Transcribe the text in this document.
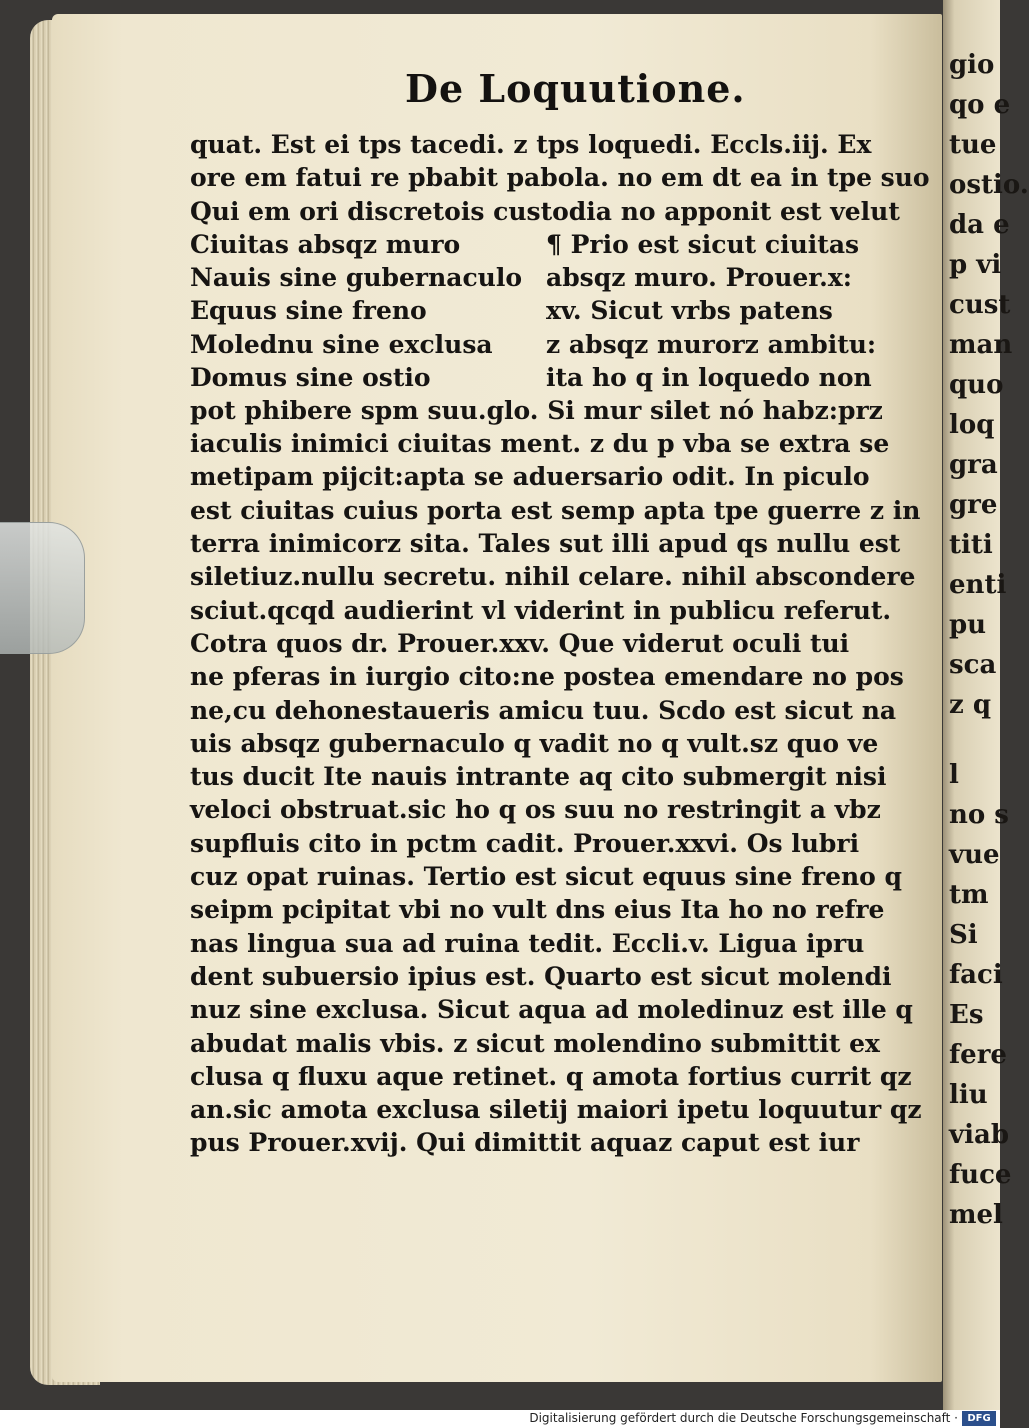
De Loquutione.
quat. Est ei tps tacedi. z tps loquedi. Eccls.iij. Ex
ore em fatui re pbabit pabola. no em dt ea in tpe suo
Qui em ori discretois custodia no apponit est velut
Ciuitas absqz muro
Nauis sine gubernaculo
Equus sine freno
Molednu sine exclusa
Domus sine ostio
¶ Prio est sicut ciuitas
absqz muro. Prouer.x:
xv. Sicut vrbs patens
z absqz murorz ambitu:
ita ho q in loquedo non
pot phibere spm suu.glo. Si mur silet nó habz:prz
iaculis inimici ciuitas ment. z du p vba se extra se
metipam pijcit:apta se aduersario odit. In piculo
est ciuitas cuius porta est semp apta tpe guerre z in
terra inimicorz sita. Tales sut illi apud qs nullu est
siletiuz.nullu secretu. nihil celare. nihil abscondere
sciut.qcqd audierint vl viderint in publicu referut.
Cotra quos dr. Prouer.xxv. Que viderut oculi tui
ne pferas in iurgio cito:ne postea emendare no pos
ne,cu dehonestaueris amicu tuu. Scdo est sicut na
uis absqz gubernaculo q vadit no q vult.sz quo ve
tus ducit Ite nauis intrante aq cito submergit nisi
veloci obstruat.sic ho q os suu no restringit a vbz
supfluis cito in pctm cadit. Prouer.xxvi. Os lubri
cuz opat ruinas. Tertio est sicut equus sine freno q
seipm pcipitat vbi no vult dns eius Ita ho no refre
nas lingua sua ad ruina tedit. Eccli.v. Ligua ipru
dent subuersio ipius est. Quarto est sicut molendi
nuz sine exclusa. Sicut aqua ad moledinuz est ille q
abudat malis vbis. z sicut molendino submittit ex
clusa q fluxu aque retinet. q amota fortius currit qz
an.sic amota exclusa siletij maiori ipetu loquutur qz
pus Prouer.xvij. Qui dimittit aquaz caput est iur
gio
qo e
tue
ostio.
da e
p vi
cust
man
quo
loq
gra
gre
titi
enti
pu
sca
z q
l
no s
vue
tm
Si
faci
Es
fere
liu
viab
fuce
mel
Digitalisierung gefördert durch die Deutsche Forschungsgemeinschaft · DFG
